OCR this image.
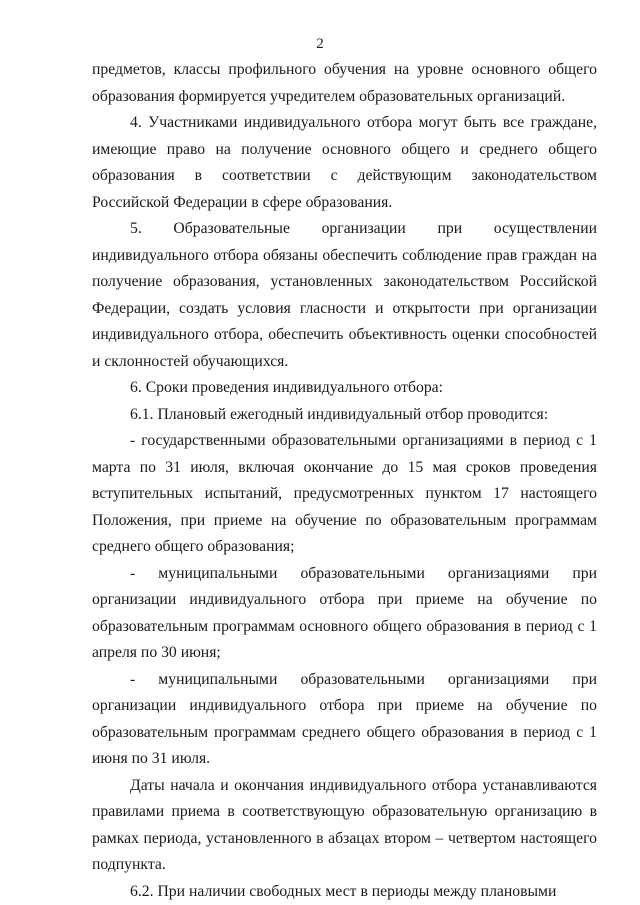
2

предметов, классы профильного обучения на уровне основного общего образования формируется учредителем образовательных организаций.

4. Участниками индивидуального отбора могут быть все граждане, имеющие право на получение основного общего и среднего общего образования в соответствии с действующим законодательством Российской Федерации в сфере образования.

5. Образовательные организации при осуществлении индивидуального отбора обязаны обеспечить соблюдение прав граждан на получение образования, установленных законодательством Российской Федерации, создать условия гласности и открытости при организации индивидуального отбора, обеспечить объективность оценки способностей и склонностей обучающихся.

6. Сроки проведения индивидуального отбора:

6.1. Плановый ежегодный индивидуальный отбор проводится:

- государственными образовательными организациями в период с 1 марта по 31 июля, включая окончание до 15 мая сроков проведения вступительных испытаний, предусмотренных пунктом 17 настоящего Положения, при приеме на обучение по образовательным программам среднего общего образования;

- муниципальными образовательными организациями при организации индивидуального отбора при приеме на обучение по образовательным программам основного общего образования в период с 1 апреля по 30 июня;

- муниципальными образовательными организациями при организации индивидуального отбора при приеме на обучение по образовательным программам среднего общего образования в период с 1 июня по 31 июля.

Даты начала и окончания индивидуального отбора устанавливаются правилами приема в соответствующую образовательную организацию в рамках периода, установленного в абзацах втором – четвертом настоящего подпункта.

6.2. При наличии свободных мест в периоды между плановыми
